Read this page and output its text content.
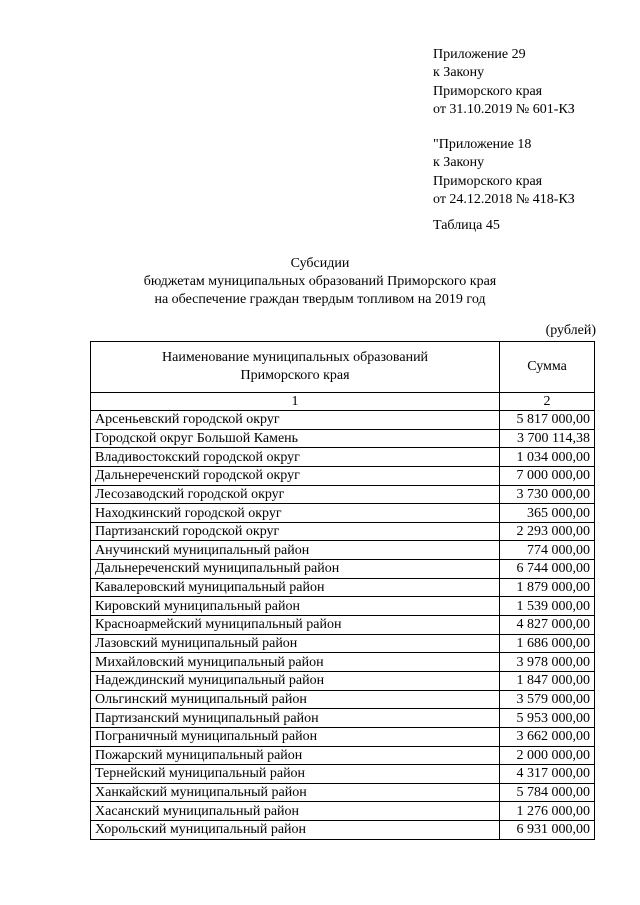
Приложение 29
к Закону
Приморского края
от 31.10.2019 № 601-КЗ
"Приложение 18
к Закону
Приморского края
от 24.12.2018 № 418-КЗ
Таблица 45
Субсидии
бюджетам муниципальных образований Приморского края
на обеспечение граждан твердым топливом на 2019 год
(рублей)
Наименование муниципальных образований
Приморского края	Сумма
1	2
Арсеньевский городской округ	5 817 000,00
Городской округ Большой Камень	3 700 114,38
Владивостокский городской округ	1 034 000,00
Дальнереченский городской округ	7 000 000,00
Лесозаводский городской округ	3 730 000,00
Находкинский городской округ	365 000,00
Партизанский городской округ	2 293 000,00
Анучинский муниципальный район	774 000,00
Дальнереченский муниципальный район	6 744 000,00
Кавалеровский муниципальный район	1 879 000,00
Кировский муниципальный район	1 539 000,00
Красноармейский муниципальный район	4 827 000,00
Лазовский муниципальный район	1 686 000,00
Михайловский муниципальный район	3 978 000,00
Надеждинский муниципальный район	1 847 000,00
Ольгинский муниципальный район	3 579 000,00
Партизанский муниципальный район	5 953 000,00
Пограничный муниципальный район	3 662 000,00
Пожарский муниципальный район	2 000 000,00
Тернейский муниципальный район	4 317 000,00
Ханкайский муниципальный район	5 784 000,00
Хасанский муниципальный район	1 276 000,00
Хорольский муниципальный район	6 931 000,00
